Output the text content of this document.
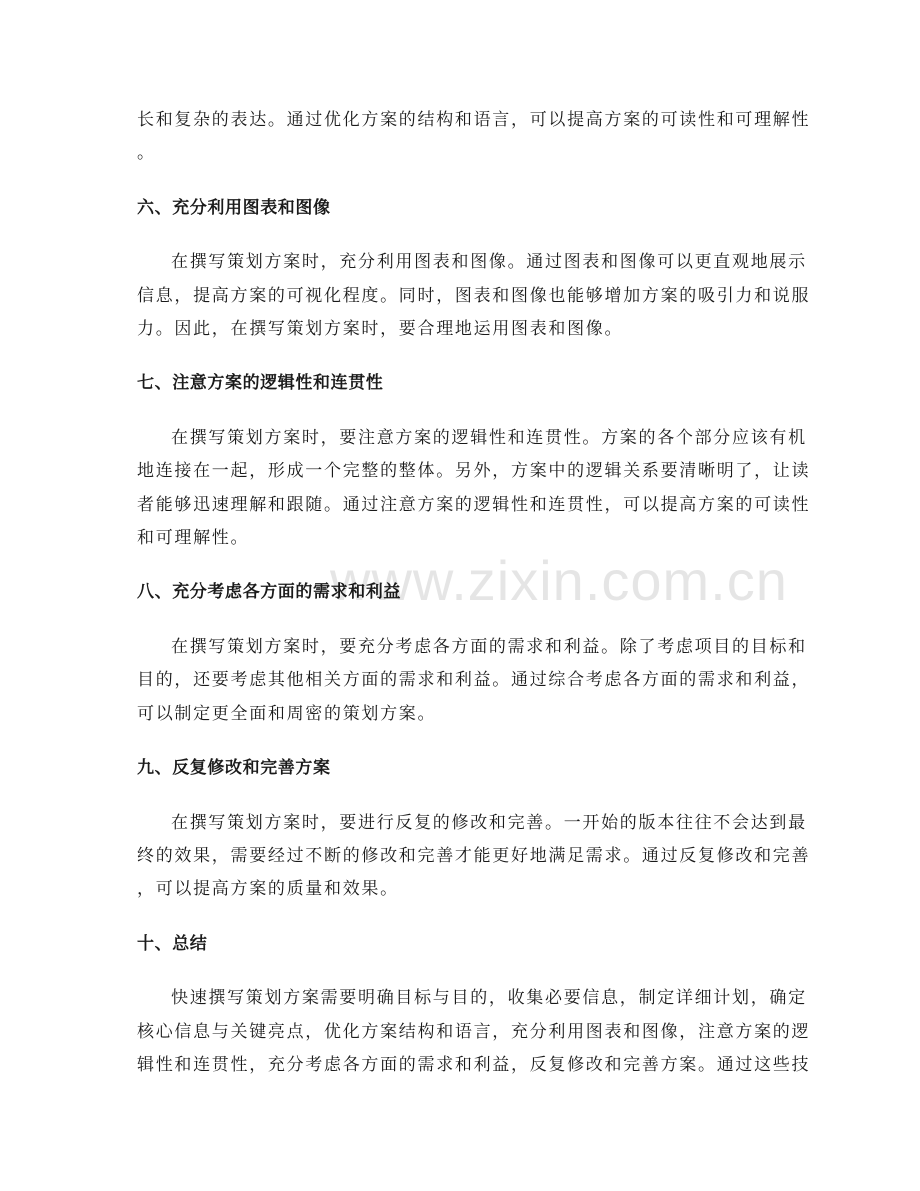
长和复杂的表达。通过优化方案的结构和语言，可以提高方案的可读性和可理解性
。
六、充分利用图表和图像
在撰写策划方案时，充分利用图表和图像。通过图表和图像可以更直观地展示
信息，提高方案的可视化程度。同时，图表和图像也能够增加方案的吸引力和说服
力。因此，在撰写策划方案时，要合理地运用图表和图像。
七、注意方案的逻辑性和连贯性
在撰写策划方案时，要注意方案的逻辑性和连贯性。方案的各个部分应该有机
地连接在一起，形成一个完整的整体。另外，方案中的逻辑关系要清晰明了，让读
者能够迅速理解和跟随。通过注意方案的逻辑性和连贯性，可以提高方案的可读性
和可理解性。
八、充分考虑各方面的需求和利益
在撰写策划方案时，要充分考虑各方面的需求和利益。除了考虑项目的目标和
目的，还要考虑其他相关方面的需求和利益。通过综合考虑各方面的需求和利益，
可以制定更全面和周密的策划方案。
九、反复修改和完善方案
在撰写策划方案时，要进行反复的修改和完善。一开始的版本往往不会达到最
终的效果，需要经过不断的修改和完善才能更好地满足需求。通过反复修改和完善
，可以提高方案的质量和效果。
十、总结
快速撰写策划方案需要明确目标与目的，收集必要信息，制定详细计划，确定
核心信息与关键亮点，优化方案结构和语言，充分利用图表和图像，注意方案的逻
辑性和连贯性，充分考虑各方面的需求和利益，反复修改和完善方案。通过这些技
www.zixin.com.cn
